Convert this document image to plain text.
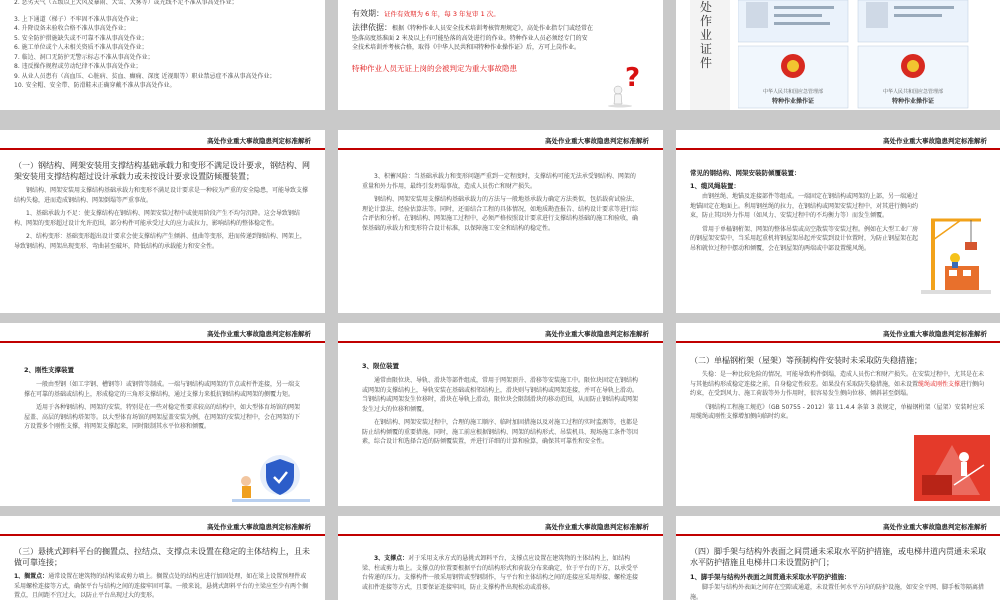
2. 恶劣天气（五级以上大风及暴雨、大雪、大雾等）或光线不足不准从事高处作业；

3. 上下通道（梯子）不牢固不准从事高处作业；

4. 升降设备未验收合格不准从事高处作业；

5. 安全防护措施缺失或不可靠不准从事高处作业；

6. 施工单位或个人未相关资质不准从事高处作业；

7. 临边、洞口无防护无警示标志不准从事高处作业；

8. 违反操作规程或劳动纪律不准从事高处作业；

9. 从业人员患有（高血压、心脏病、贫血、癫痫、深度 近视眼等）职业禁忌症不准从事高处作业；

10. 安全帽、安全带、防滑鞋未正确穿戴不准从事高处作业。

有效期：证件有效期为 6 年，每 3 年复审 1 次。

法律依据：根据《特种作业人员安全技术培训考核管理规定》，高处作业指专门或经常在坠落高度基准面 2 米及以上有可能坠落的高处进行的作业。特种作业人员必须经专门的安全技术培训并考核合格，取得《中华人民共和国特种作业操作证》后，方可上岗作业。

特种作业人员无证上岗的会被判定为重大事故隐患	?
处作业证件
中华人民共和国应急管理部
特种作业操作证
中华人民共和国应急管理部
特种作业操作证
高处作业重大事故隐患判定标准解析

（一）钢结构、网架安装用支撑结构基础承载力和变形不满足设计要求，钢结构、网架安装用支撑结构超过设计承载力或未按设计要求设置防倾覆装置；

钢结构、网架安装用支撑结构基础承载力和变形不满足设计要求是一种较为严重的安全隐患，可能导致支撑结构失稳，进而造成钢结构、网架倒塌等严重事故。

1、基础承载力不足：使支撑结构在钢结构、网架安装过程中或使用阶段产生不均匀沉降。这会导致钢结构、网架的变形超过设计允许范围，部分构件可能承受过大的应力或拉力，影响结构的整体稳定性。

2、结构变形：基础变形超出设计要求会使支撑结构产生倾斜、扭曲等变形，进而传递到钢结构、网架上，导致钢结构、网架出现变形、弯曲甚至破坏，降低结构的承载能力和安全性。

高处作业重大事故隐患判定标准解析

3、积蓄风险：当基础承载力和变形问题严重到一定程度时，支撑结构可能无法承受钢结构、网架的重量和外力作用，最终引发坍塌事故，造成人员伤亡和财产损失。

钢结构、网架安装用支撑结构基础承载力的方法与一般地基承载力确定方法类似，包括载荷试验法、理论计算法、经验估算法等。同时，还需结合工程的具体情况，如地质勘查报告、结构设计要求等进行综合评估和分析。在钢结构、网架施工过程中，必须严格按照设计要求进行支撑结构基础的施工和验收，确保基础的承载力和变形符合设计标准，以保障施工安全和结构的稳定性。

高处作业重大事故隐患判定标准解析

常见的钢结构、网架安装防倾覆装置：

1、缆风绳装置：

由钢丝绳、地锚及连接部件等组成。一端固定在钢结构或网架的上部，另一端通过地锚固定在地面上。利用钢丝绳的拉力，在钢结构或网架安装过程中，对其进行侧向约束，防止其因外力作用（如风力、安装过程中的不均衡力等）而发生倾覆。

常用于单榀钢桁架、网架的整体吊装或高空散装等安装过程。例如在大型工业厂房的钢屋架安装中，当采用起重机将钢屋架吊起并安装到设计位置时，为防止钢屋架在起吊和就位过程中摆动和倾覆，会在钢屋架的两端或中部设置缆风绳。

高处作业重大事故隐患判定标准解析

2、刚性支撑装置

一般由型钢（如工字钢、槽钢等）或钢管等制成。一端与钢结构或网架的节点或杆件连接，另一端支撑在可靠的基础或结构上，形成稳定的三角形支撑结构，通过支撑力来抵抗钢结构或网架的侧覆力矩。

适用于各种钢结构、网架的安装，特别是在一些对稳定性要求较高的结构中，如大型体育场馆的网架屋盖、高层的钢结构塔架等。以大型体育场馆的网架屋盖安装为例，在网架的安装过程中，会在网架的下方设置多个刚性支撑，将网架支撑起来，同时限制其水平位移和倾覆。

高处作业重大事故隐患判定标准解析

3、限位装置

通常由限位块、导轨、滑块等部件组成，常用于网架顶升、滑移等安装施工中。限位块固定在钢结构或网架的支撑结构上，导轨安装在基础或相邻结构上，滑块则与钢结构或网架连接，并可在导轨上滑动。当钢结构或网架发生位移时，滑块在导轨上滑动，限位块会限制滑块的移动范围，从而防止钢结构或网架发生过大的位移和倾覆。

在钢结构、网架安装过程中，合理的施工顺序、临时加固措施以及对施工过程的实时监测等，也都是防止结构倾覆的重要措施。同时，施工前应根据钢结构、网架的结构形式、吊装机具、现场施工条件等因素，综合设计和选择合适的防倾覆装置，并进行详细的计算和验算，确保其可靠性和安全性。

高处作业重大事故隐患判定标准解析

（二）单榀钢桁架（屋架）等预制构件安装时未采取防失稳措施；

失稳：是一种比较危险的情况，可能导致构件倒塌，造成人员伤亡和财产损失。在安装过程中，尤其是在未与其他结构形成稳定连接之前，自身稳定性较差。如果没有采取防失稳措施，如未设置缆绳或刚性支撑进行侧向约束，在受到风力、施工荷载等外力作用时，很容易发生侧向位移、倾斜甚至倒塌。

《钢结构工程施工规范》（GB 50755 - 2012）第 11.4.4 条第 3 款规定，单榀钢桁架（屋架）安装时应采用缆绳或刚性支撑增加侧向临时约束。

高处作业重大事故隐患判定标准解析

（三）悬挑式卸料平台的搁置点、拉结点、支撑点未设置在稳定的主体结构上，且未做可靠连接；

1、搁置点：通常设置在建筑物的结构梁或剪力墙上。搁置点处的结构应进行加固处理，如在梁上设置预埋件或采用螺栓连接等方式，确保平台与结构之间的连接牢固可靠。一般来说，悬挑式卸料平台的主梁应至少有两个搁置点，且间距不宜过大，以防止平台出现过大的变形。

高处作业重大事故隐患判定标准解析

3、支撑点：对于采用支承方式的悬挑式卸料平台，支撑点应设置在建筑物的主体结构上，如结构梁、柱或剪力墙上。支撑点的位置要根据平台的结构形式和荷载分布来确定，位于平台的下方，以承受平台传递的压力。支撑构件一般采用钢管或型钢制作，与平台和主体结构之间的连接应采用焊接、螺栓连接或扣件连接等方式，且要保证连接牢固，防止支撑构件出现松动或滑移。

高处作业重大事故隐患判定标准解析

（四）脚手架与结构外表面之间贯通未采取水平防护措施，或电梯井道内贯通未采取水平防护措施且电梯井口未设置防护门；

1、脚手架与结构外表面之间贯通未采取水平防护措施：

脚手架与结构外表面之间存在空隙或通道，未设置任何水平方向的防护设施，如安全平网、脚手板等隔离措施。
